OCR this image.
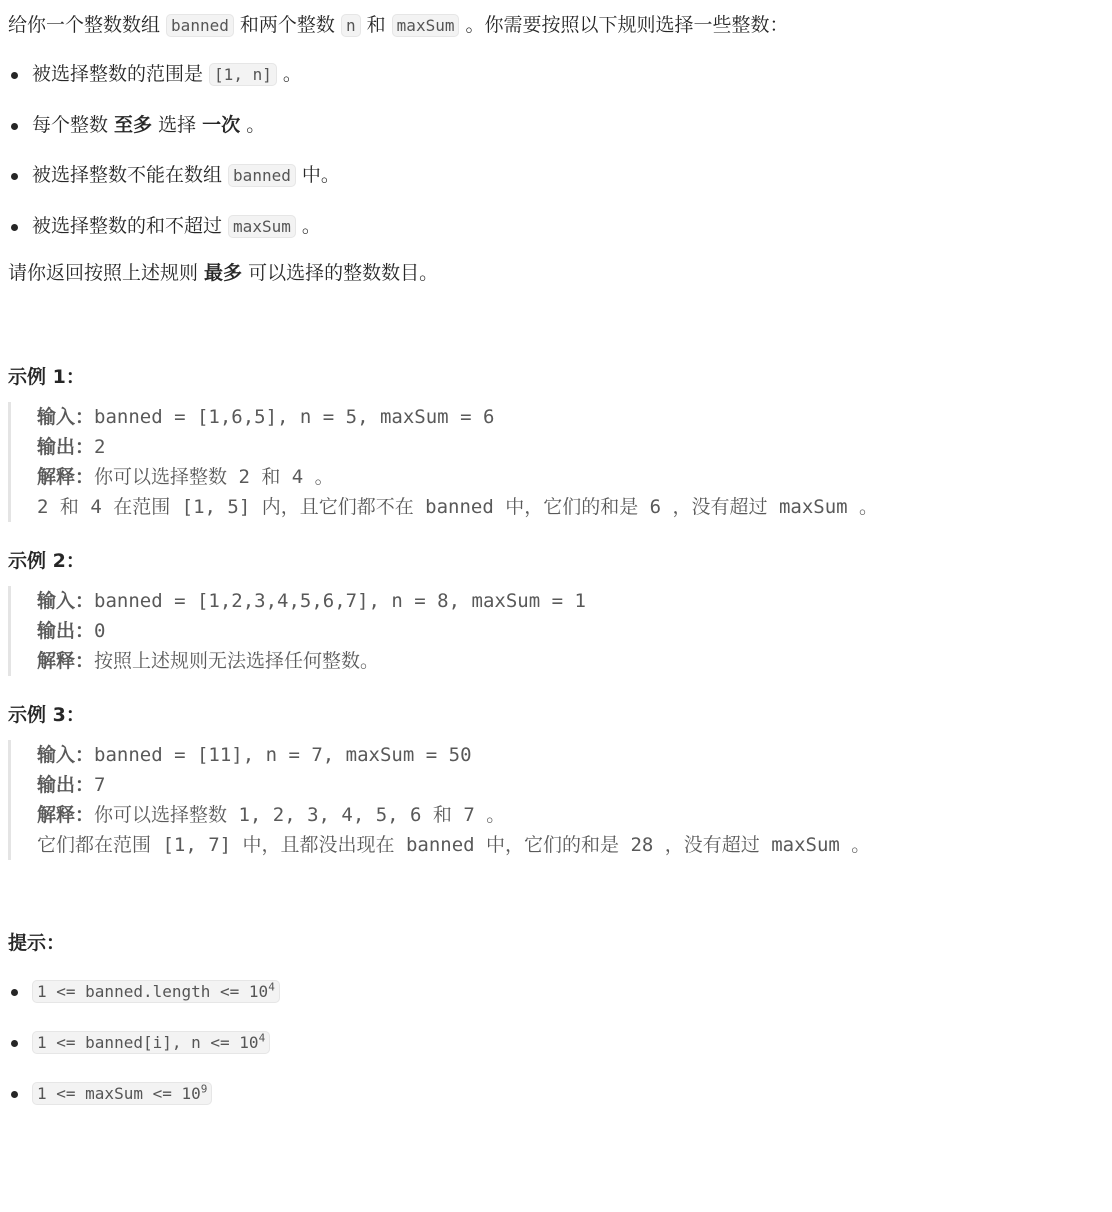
给你一个整数数组 banned 和两个整数 n 和 maxSum 。你需要按照以下规则选择一些整数：

被选择整数的范围是 [1, n] 。
每个整数 至多 选择 一次 。
被选择整数不能在数组 banned 中。
被选择整数的和不超过 maxSum 。

请你返回按照上述规则 最多 可以选择的整数数目。

示例 1：
输入：banned = [1,6,5], n = 5, maxSum = 6
输出：2
解释：你可以选择整数 2 和 4 。
2 和 4 在范围 [1, 5] 内，且它们都不在 banned 中，它们的和是 6 ，没有超过 maxSum 。
示例 2：
输入：banned = [1,2,3,4,5,6,7], n = 8, maxSum = 1
输出：0
解释：按照上述规则无法选择任何整数。
示例 3：
输入：banned = [11], n = 7, maxSum = 50
输出：7
解释：你可以选择整数 1, 2, 3, 4, 5, 6 和 7 。
它们都在范围 [1, 7] 中，且都没出现在 banned 中，它们的和是 28 ，没有超过 maxSum 。
提示：
1 <= banned.length <= $10^4$
1 <= banned[i], $n <= 10^4$
1 <= maxSum <= $10^9$
